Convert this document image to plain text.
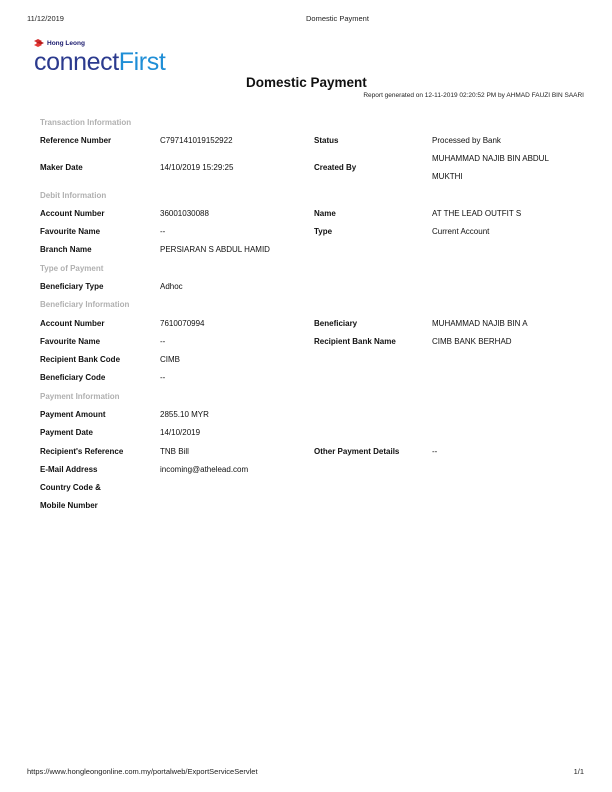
11/12/2019	Domestic Payment
Hong Leong
connectFirst
Domestic Payment
Report generated on 12-11-2019 02:20:52 PM by AHMAD FAUZI BIN SAARI
Transaction Information
Reference Number	C797141019152922	Status	Processed by Bank
Maker Date	14/10/2019 15:29:25	Created By
MUHAMMAD NAJIB BIN ABDUL
MUKTHI
Debit Information
Account Number	36001030088	Name	AT THE LEAD OUTFIT S
Favourite Name	--	Type	Current Account
Branch Name	PERSIARAN S ABDUL HAMID
Type of Payment
Beneficiary Type	Adhoc
Beneficiary Information
Account Number	7610070994	Beneficiary	MUHAMMAD NAJIB BIN A
Favourite Name	--	Recipient Bank Name	CIMB BANK BERHAD
Recipient Bank Code	CIMB
Beneficiary Code	--
Payment Information
Payment Amount	2855.10 MYR
Payment Date	14/10/2019
Recipient's Reference	TNB Bill	Other Payment Details	--
E-Mail Address	incoming@athelead.com
Country Code &
Mobile Number
https://www.hongleongonline.com.my/portalweb/ExportServiceServlet	1/1
